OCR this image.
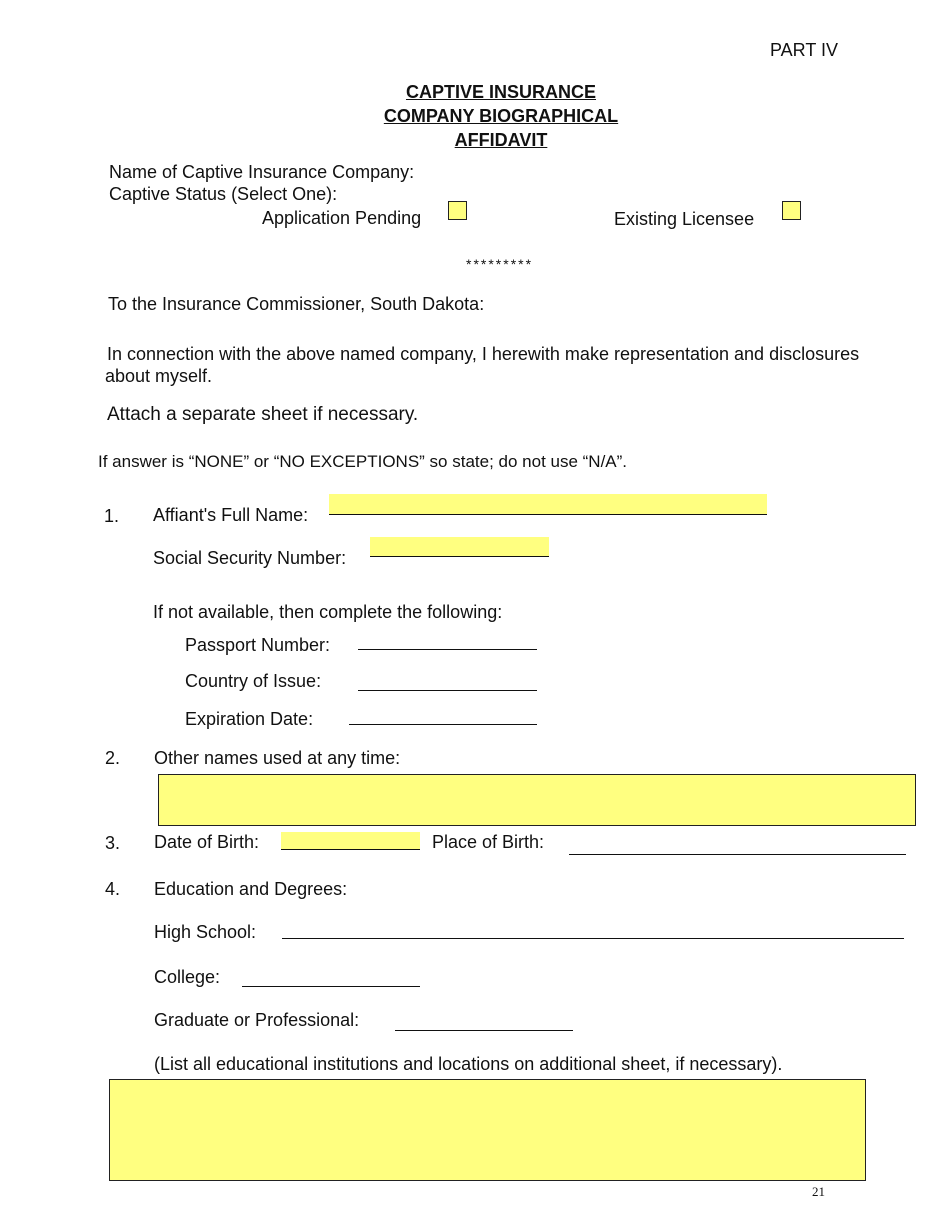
PART IV
CAPTIVE INSURANCE
COMPANY BIOGRAPHICAL
AFFIDAVIT
Name of Captive Insurance Company:
Captive Status (Select One):
Application Pending	Existing Licensee
*********
To the Insurance Commissioner, South Dakota:
In connection with the above named company, I herewith make representation and disclosures
about myself.
Attach a separate sheet if necessary.
If answer is “NONE” or “NO EXCEPTIONS” so state; do not use “N/A”.
1. Affiant's Full Name:
Social Security Number:
If not available, then complete the following:
Passport Number:
Country of Issue:
Expiration Date:
2. Other names used at any time:
3. Date of Birth:	Place of Birth:
4. Education and Degrees:
High School:
College:
Graduate or Professional:
(List all educational institutions and locations on additional sheet, if necessary).
21
